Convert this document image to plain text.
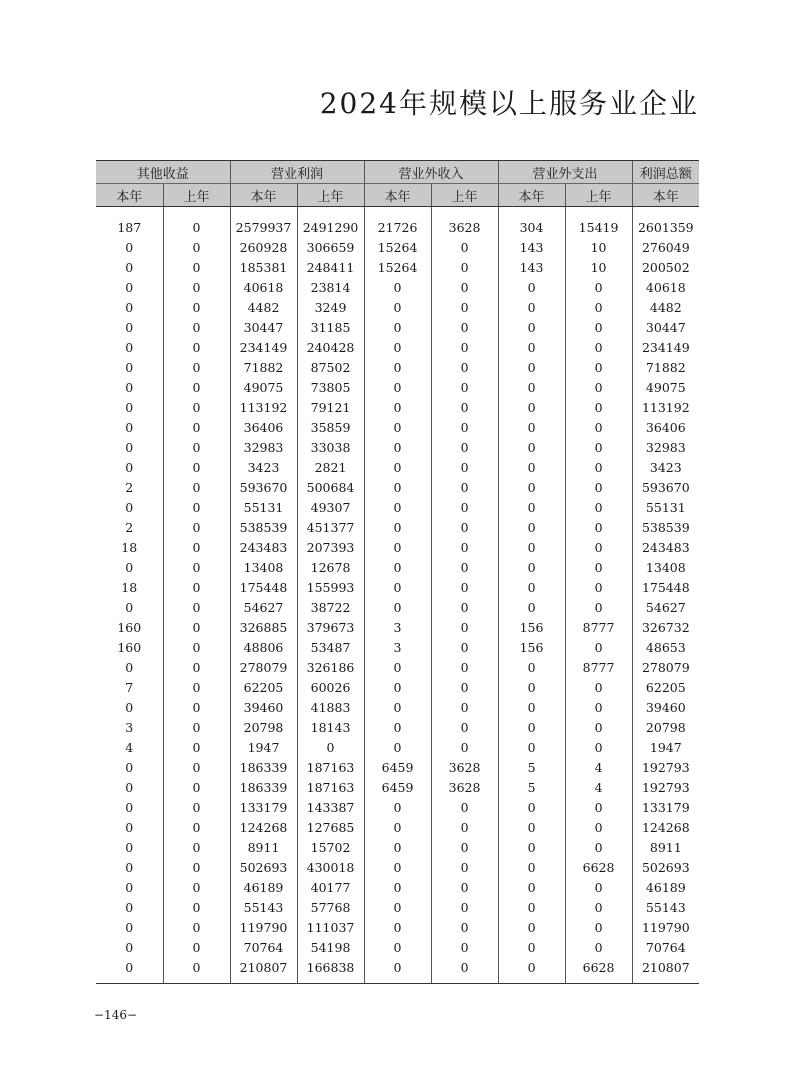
2024年规模以上服务业企业
其他收益		营业利润		营业外收入		营业外支出		利润总额
本年	上年	本年	上年	本年	上年	本年	上年	本年
187	0	2579937	2491290	21726	3628	304	15419	2601359
0	0	260928	306659	15264	0	143	10	276049
0	0	185381	248411	15264	0	143	10	200502
0	0	40618	23814	0	0	0	0	40618
0	0	4482	3249	0	0	0	0	4482
0	0	30447	31185	0	0	0	0	30447
0	0	234149	240428	0	0	0	0	234149
0	0	71882	87502	0	0	0	0	71882
0	0	49075	73805	0	0	0	0	49075
0	0	113192	79121	0	0	0	0	113192
0	0	36406	35859	0	0	0	0	36406
0	0	32983	33038	0	0	0	0	32983
0	0	3423	2821	0	0	0	0	3423
2	0	593670	500684	0	0	0	0	593670
0	0	55131	49307	0	0	0	0	55131
2	0	538539	451377	0	0	0	0	538539
18	0	243483	207393	0	0	0	0	243483
0	0	13408	12678	0	0	0	0	13408
18	0	175448	155993	0	0	0	0	175448
0	0	54627	38722	0	0	0	0	54627
160	0	326885	379673	3	0	156	8777	326732
160	0	48806	53487	3	0	156	0	48653
0	0	278079	326186	0	0	0	8777	278079
7	0	62205	60026	0	0	0	0	62205
0	0	39460	41883	0	0	0	0	39460
3	0	20798	18143	0	0	0	0	20798
4	0	1947	0	0	0	0	0	1947
0	0	186339	187163	6459	3628	5	4	192793
0	0	186339	187163	6459	3628	5	4	192793
0	0	133179	143387	0	0	0	0	133179
0	0	124268	127685	0	0	0	0	124268
0	0	8911	15702	0	0	0	0	8911
0	0	502693	430018	0	0	0	6628	502693
0	0	46189	40177	0	0	0	0	46189
0	0	55143	57768	0	0	0	0	55143
0	0	119790	111037	0	0	0	0	119790
0	0	70764	54198	0	0	0	0	70764
0	0	210807	166838	0	0	0	6628	210807
−146−
